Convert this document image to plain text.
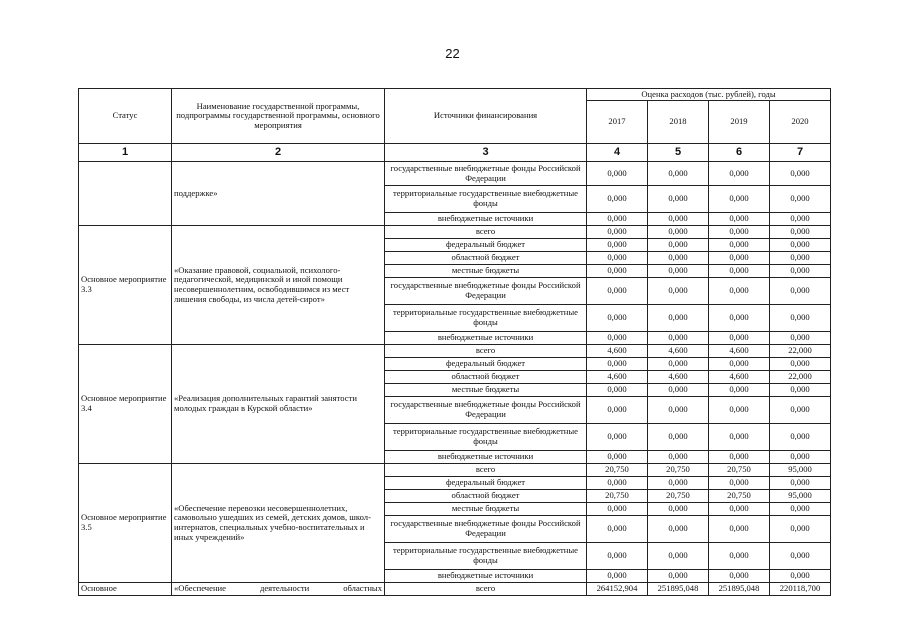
22
Статус	Наименование государственной программы, подпрограммы государственной программы, основного мероприятия	Источники финансирования	Оценка расходов (тыс. рублей), годы			
			2017	2018	2019	2020
1	2	3	4	5	6	7
	поддержке»	государственные внебюджетные фонды Российской Федерации	0,000	0,000	0,000	0,000
		территориальные государственные внебюджетные фонды	0,000	0,000	0,000	0,000
		внебюджетные источники	0,000	0,000	0,000	0,000
Основное мероприятие 3.3	«Оказание правовой, социальной, психолого-педагогической, медицинской и иной помощи несовершеннолетним, освободившимся из мест лишения свободы, из числа детей-сирот»	всего	0,000	0,000	0,000	0,000
		федеральный бюджет	0,000	0,000	0,000	0,000
		областной бюджет	0,000	0,000	0,000	0,000
		местные бюджеты	0,000	0,000	0,000	0,000
		государственные внебюджетные фонды Российской Федерации	0,000	0,000	0,000	0,000
		территориальные государственные внебюджетные фонды	0,000	0,000	0,000	0,000
		внебюджетные источники	0,000	0,000	0,000	0,000
Основное мероприятие 3.4	«Реализация дополнительных гарантий занятости молодых граждан в Курской области»	всего	4,600	4,600	4,600	22,000
		федеральный бюджет	0,000	0,000	0,000	0,000
		областной бюджет	4,600	4,600	4,600	22,000
		местные бюджеты	0,000	0,000	0,000	0,000
		государственные внебюджетные фонды Российской Федерации	0,000	0,000	0,000	0,000
		территориальные государственные внебюджетные фонды	0,000	0,000	0,000	0,000
		внебюджетные источники	0,000	0,000	0,000	0,000
Основное мероприятие 3.5	«Обеспечение перевозки несовершеннолетних, самовольно ушедших из семей, детских домов, школ-интернатов, специальных учебно-воспитательных и иных учреждений»	всего	20,750	20,750	20,750	95,000
		федеральный бюджет	0,000	0,000	0,000	0,000
		областной бюджет	20,750	20,750	20,750	95,000
		местные бюджеты	0,000	0,000	0,000	0,000
		государственные внебюджетные фонды Российской Федерации	0,000	0,000	0,000	0,000
		территориальные государственные внебюджетные фонды	0,000	0,000	0,000	0,000
		внебюджетные источники	0,000	0,000	0,000	0,000
Основное	«Обеспечение деятельности областных	всего	264152,904	251895,048	251895,048	220118,700
